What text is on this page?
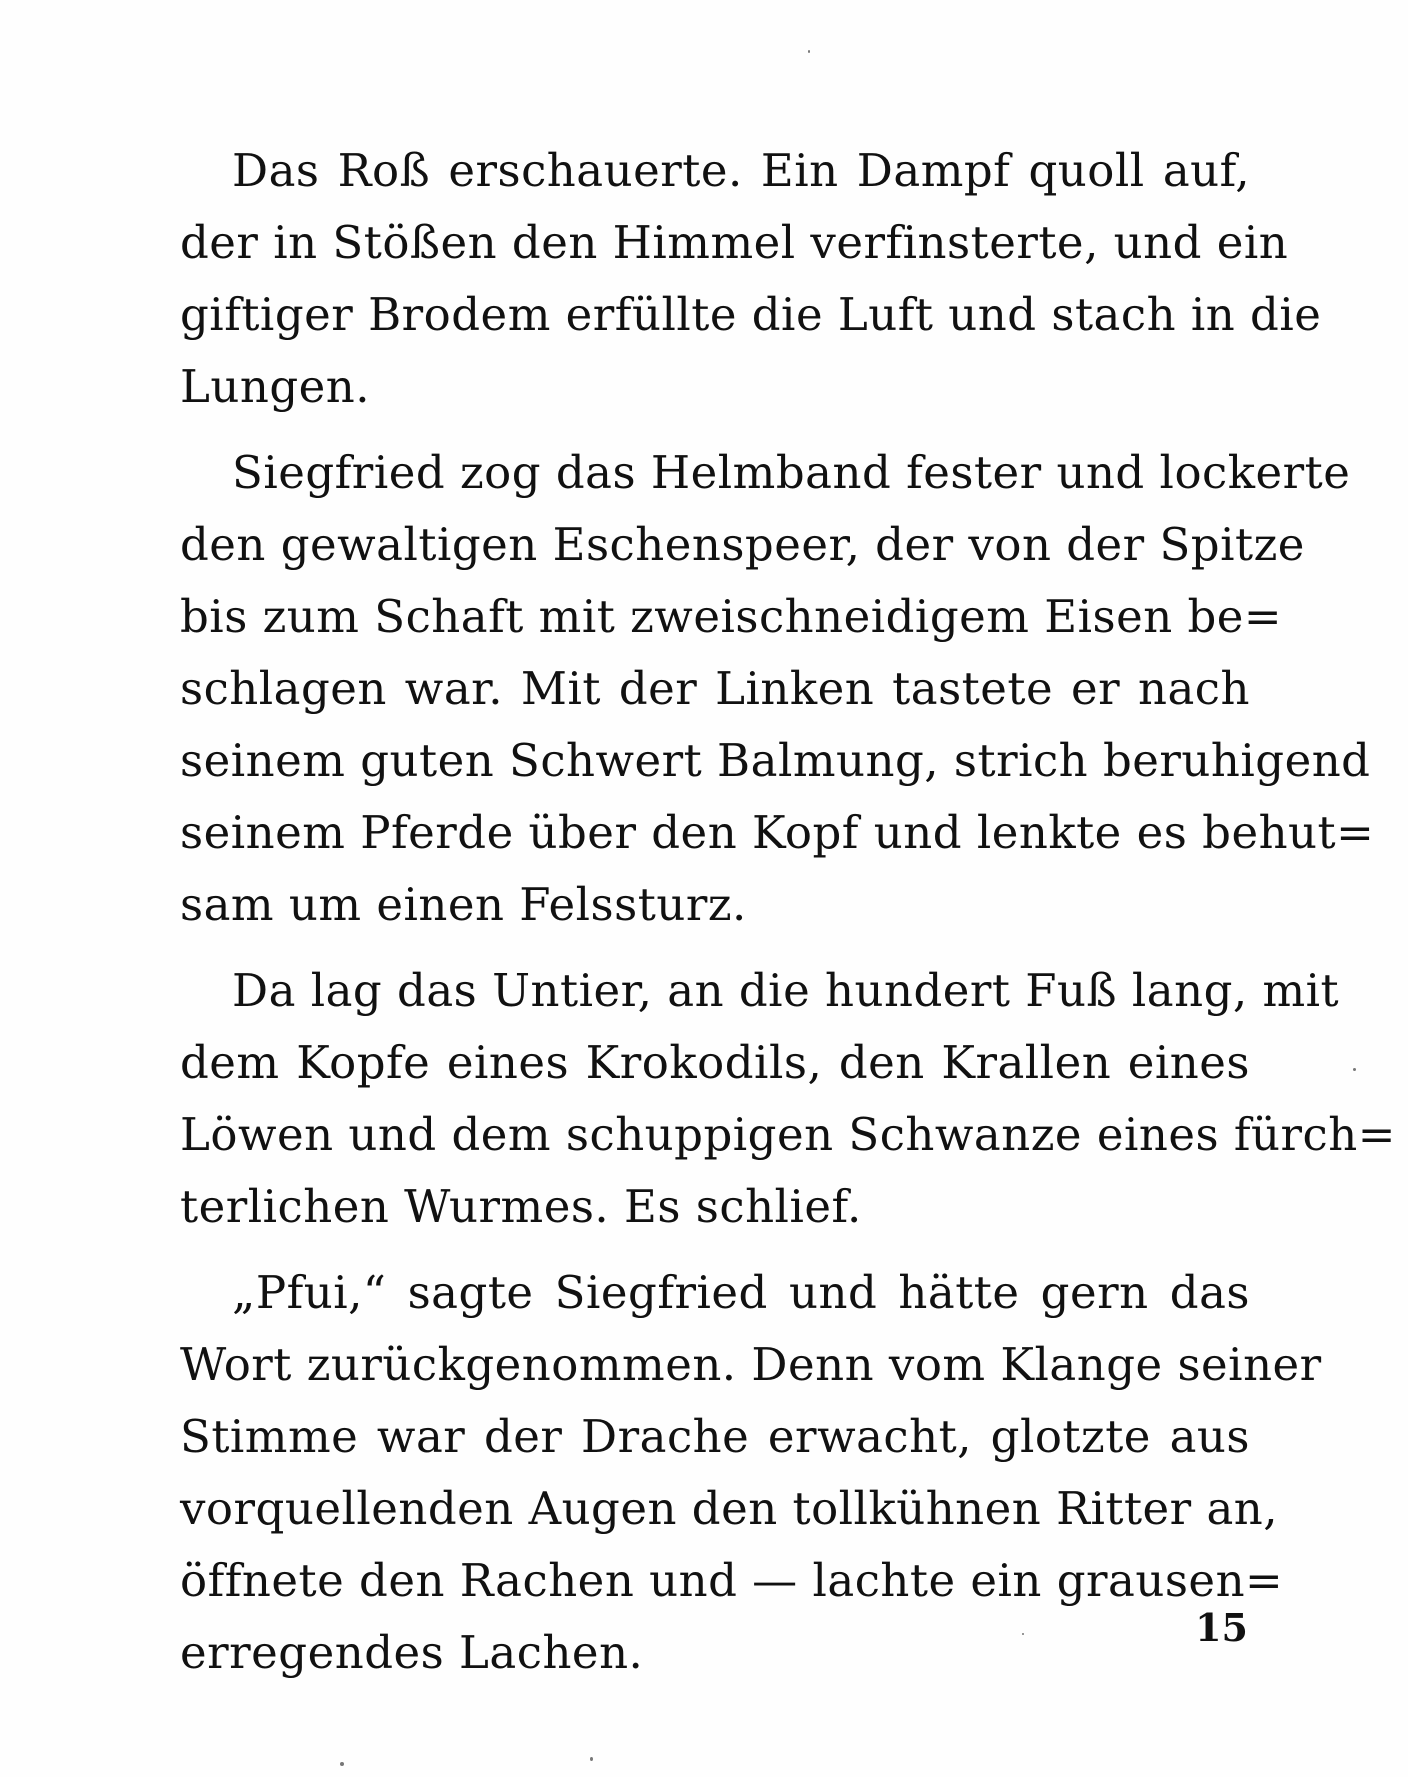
Das Roß erschauerte. Ein Dampf quoll auf,
der in Stößen den Himmel verfinsterte, und ein
giftiger Brodem erfüllte die Luft und stach in die
Lungen.
Siegfried zog das Helmband fester und lockerte
den gewaltigen Eschenspeer, der von der Spitze
bis zum Schaft mit zweischneidigem Eisen be=
schlagen war. Mit der Linken tastete er nach
seinem guten Schwert Balmung, strich beruhigend
seinem Pferde über den Kopf und lenkte es behut=
sam um einen Felssturz.
Da lag das Untier, an die hundert Fuß lang, mit
dem Kopfe eines Krokodils, den Krallen eines
Löwen und dem schuppigen Schwanze eines fürch=
terlichen Wurmes. Es schlief.
„Pfui,“ sagte Siegfried und hätte gern das
Wort zurückgenommen. Denn vom Klange seiner
Stimme war der Drache erwacht, glotzte aus
vorquellenden Augen den tollkühnen Ritter an,
öffnete den Rachen und — lachte ein grausen=
erregendes Lachen.	15
